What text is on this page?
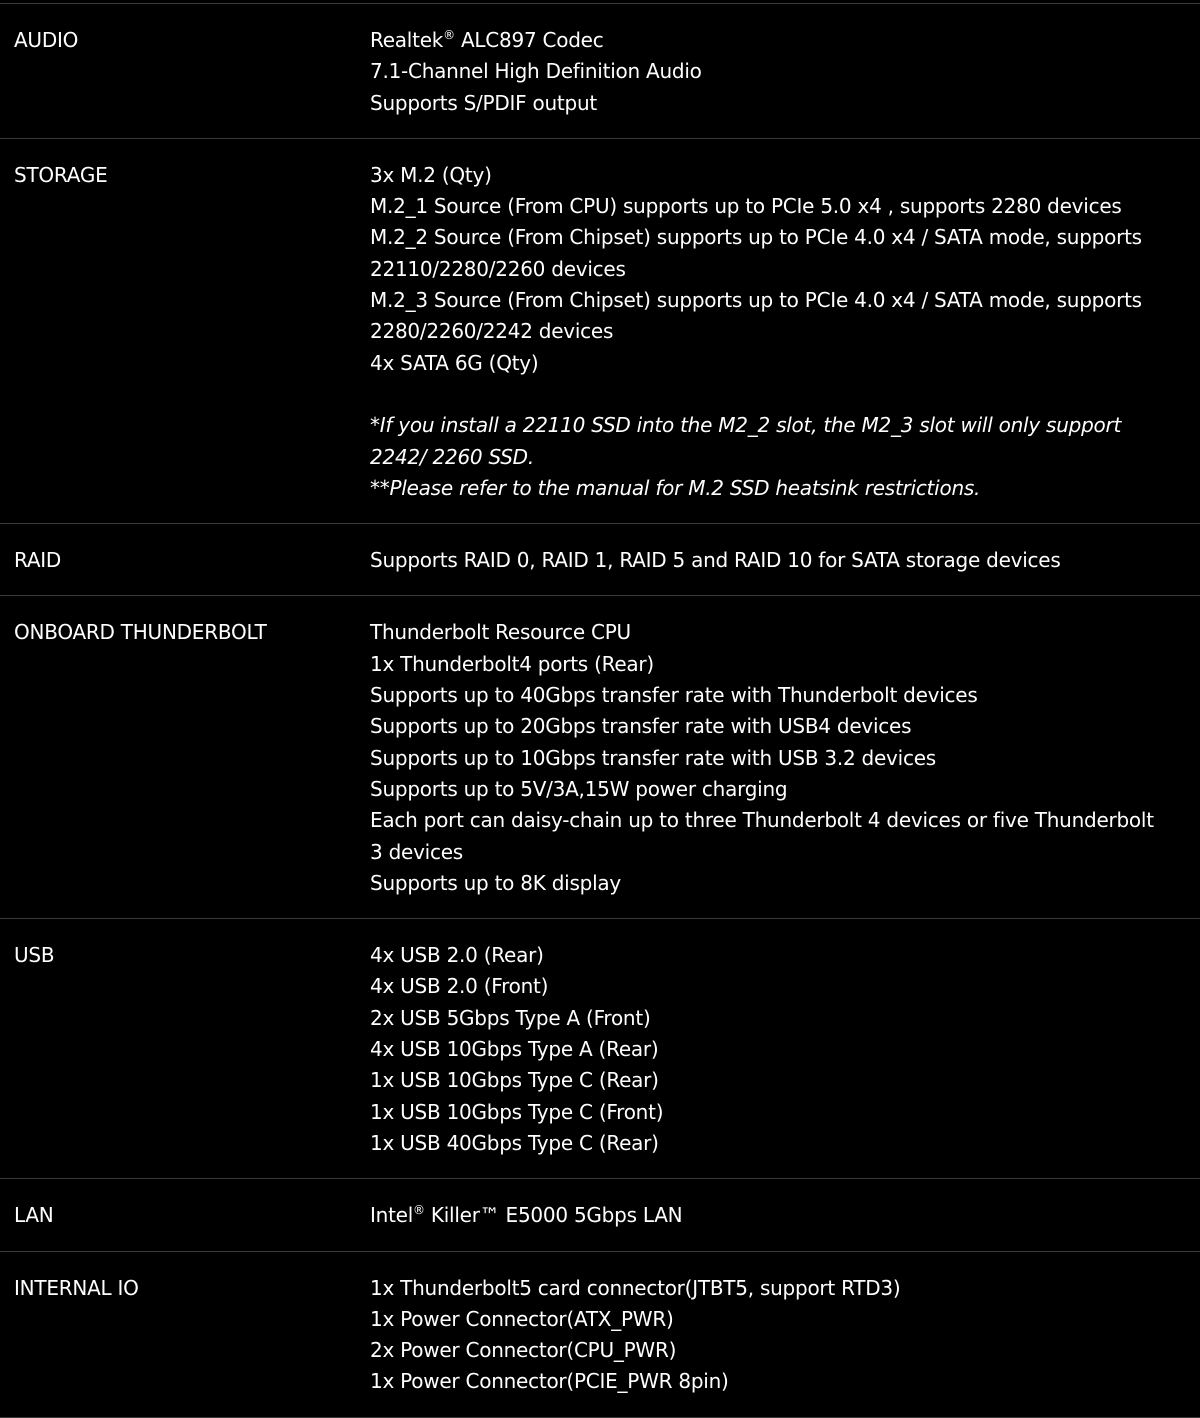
AUDIO	Realtek® ALC897 Codec
7.1-Channel High Definition Audio
Supports S/PDIF output
STORAGE	3x M.2 (Qty)
M.2_1 Source (From CPU) supports up to PCIe 5.0 x4 , supports 2280 devices
M.2_2 Source (From Chipset) supports up to PCIe 4.0 x4 / SATA mode, supports 22110/2280/2260 devices
M.2_3 Source (From Chipset) supports up to PCIe 4.0 x4 / SATA mode, supports 2280/2260/2242 devices
4x SATA 6G (Qty)
*If you install a 22110 SSD into the M2_2 slot, the M2_3 slot will only support 2242/ 2260 SSD.
**Please refer to the manual for M.2 SSD heatsink restrictions.
RAID	Supports RAID 0, RAID 1, RAID 5 and RAID 10 for SATA storage devices
ONBOARD THUNDERBOLT	Thunderbolt Resource CPU
1x Thunderbolt4 ports (Rear)
Supports up to 40Gbps transfer rate with Thunderbolt devices
Supports up to 20Gbps transfer rate with USB4 devices
Supports up to 10Gbps transfer rate with USB 3.2 devices
Supports up to 5V/3A,15W power charging
Each port can daisy-chain up to three Thunderbolt 4 devices or five Thunderbolt 3 devices
Supports up to 8K display
USB	4x USB 2.0 (Rear)
4x USB 2.0 (Front)
2x USB 5Gbps Type A (Front)
4x USB 10Gbps Type A (Rear)
1x USB 10Gbps Type C (Rear)
1x USB 10Gbps Type C (Front)
1x USB 40Gbps Type C (Rear)
LAN	Intel® Killer™ E5000 5Gbps LAN
INTERNAL IO	1x Thunderbolt5 card connector(JTBT5, support RTD3)
1x Power Connector(ATX_PWR)
2x Power Connector(CPU_PWR)
1x Power Connector(PCIE_PWR 8pin)
